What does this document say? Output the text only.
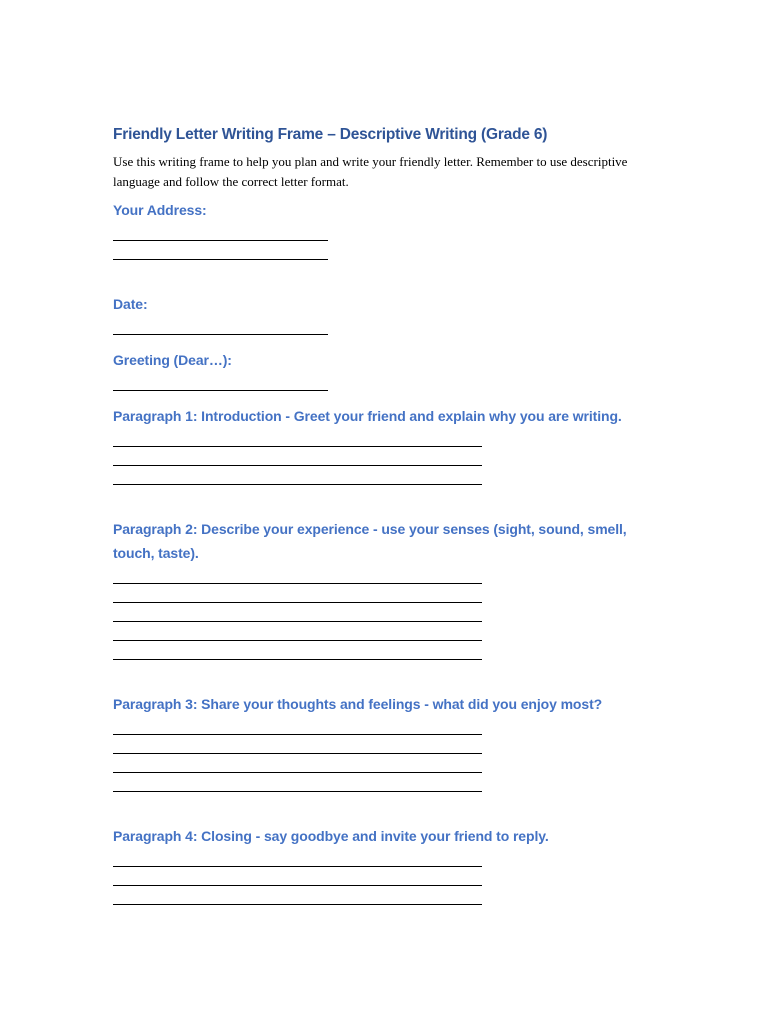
Friendly Letter Writing Frame – Descriptive Writing (Grade 6)

Use this writing frame to help you plan and write your friendly letter. Remember to use descriptive language and follow the correct letter format.

Your Address:
Date:
Greeting (Dear…):
Paragraph 1: Introduction - Greet your friend and explain why you are writing.
Paragraph 2: Describe your experience - use your senses (sight, sound, smell, touch, taste).
Paragraph 3: Share your thoughts and feelings - what did you enjoy most?
Paragraph 4: Closing - say goodbye and invite your friend to reply.
